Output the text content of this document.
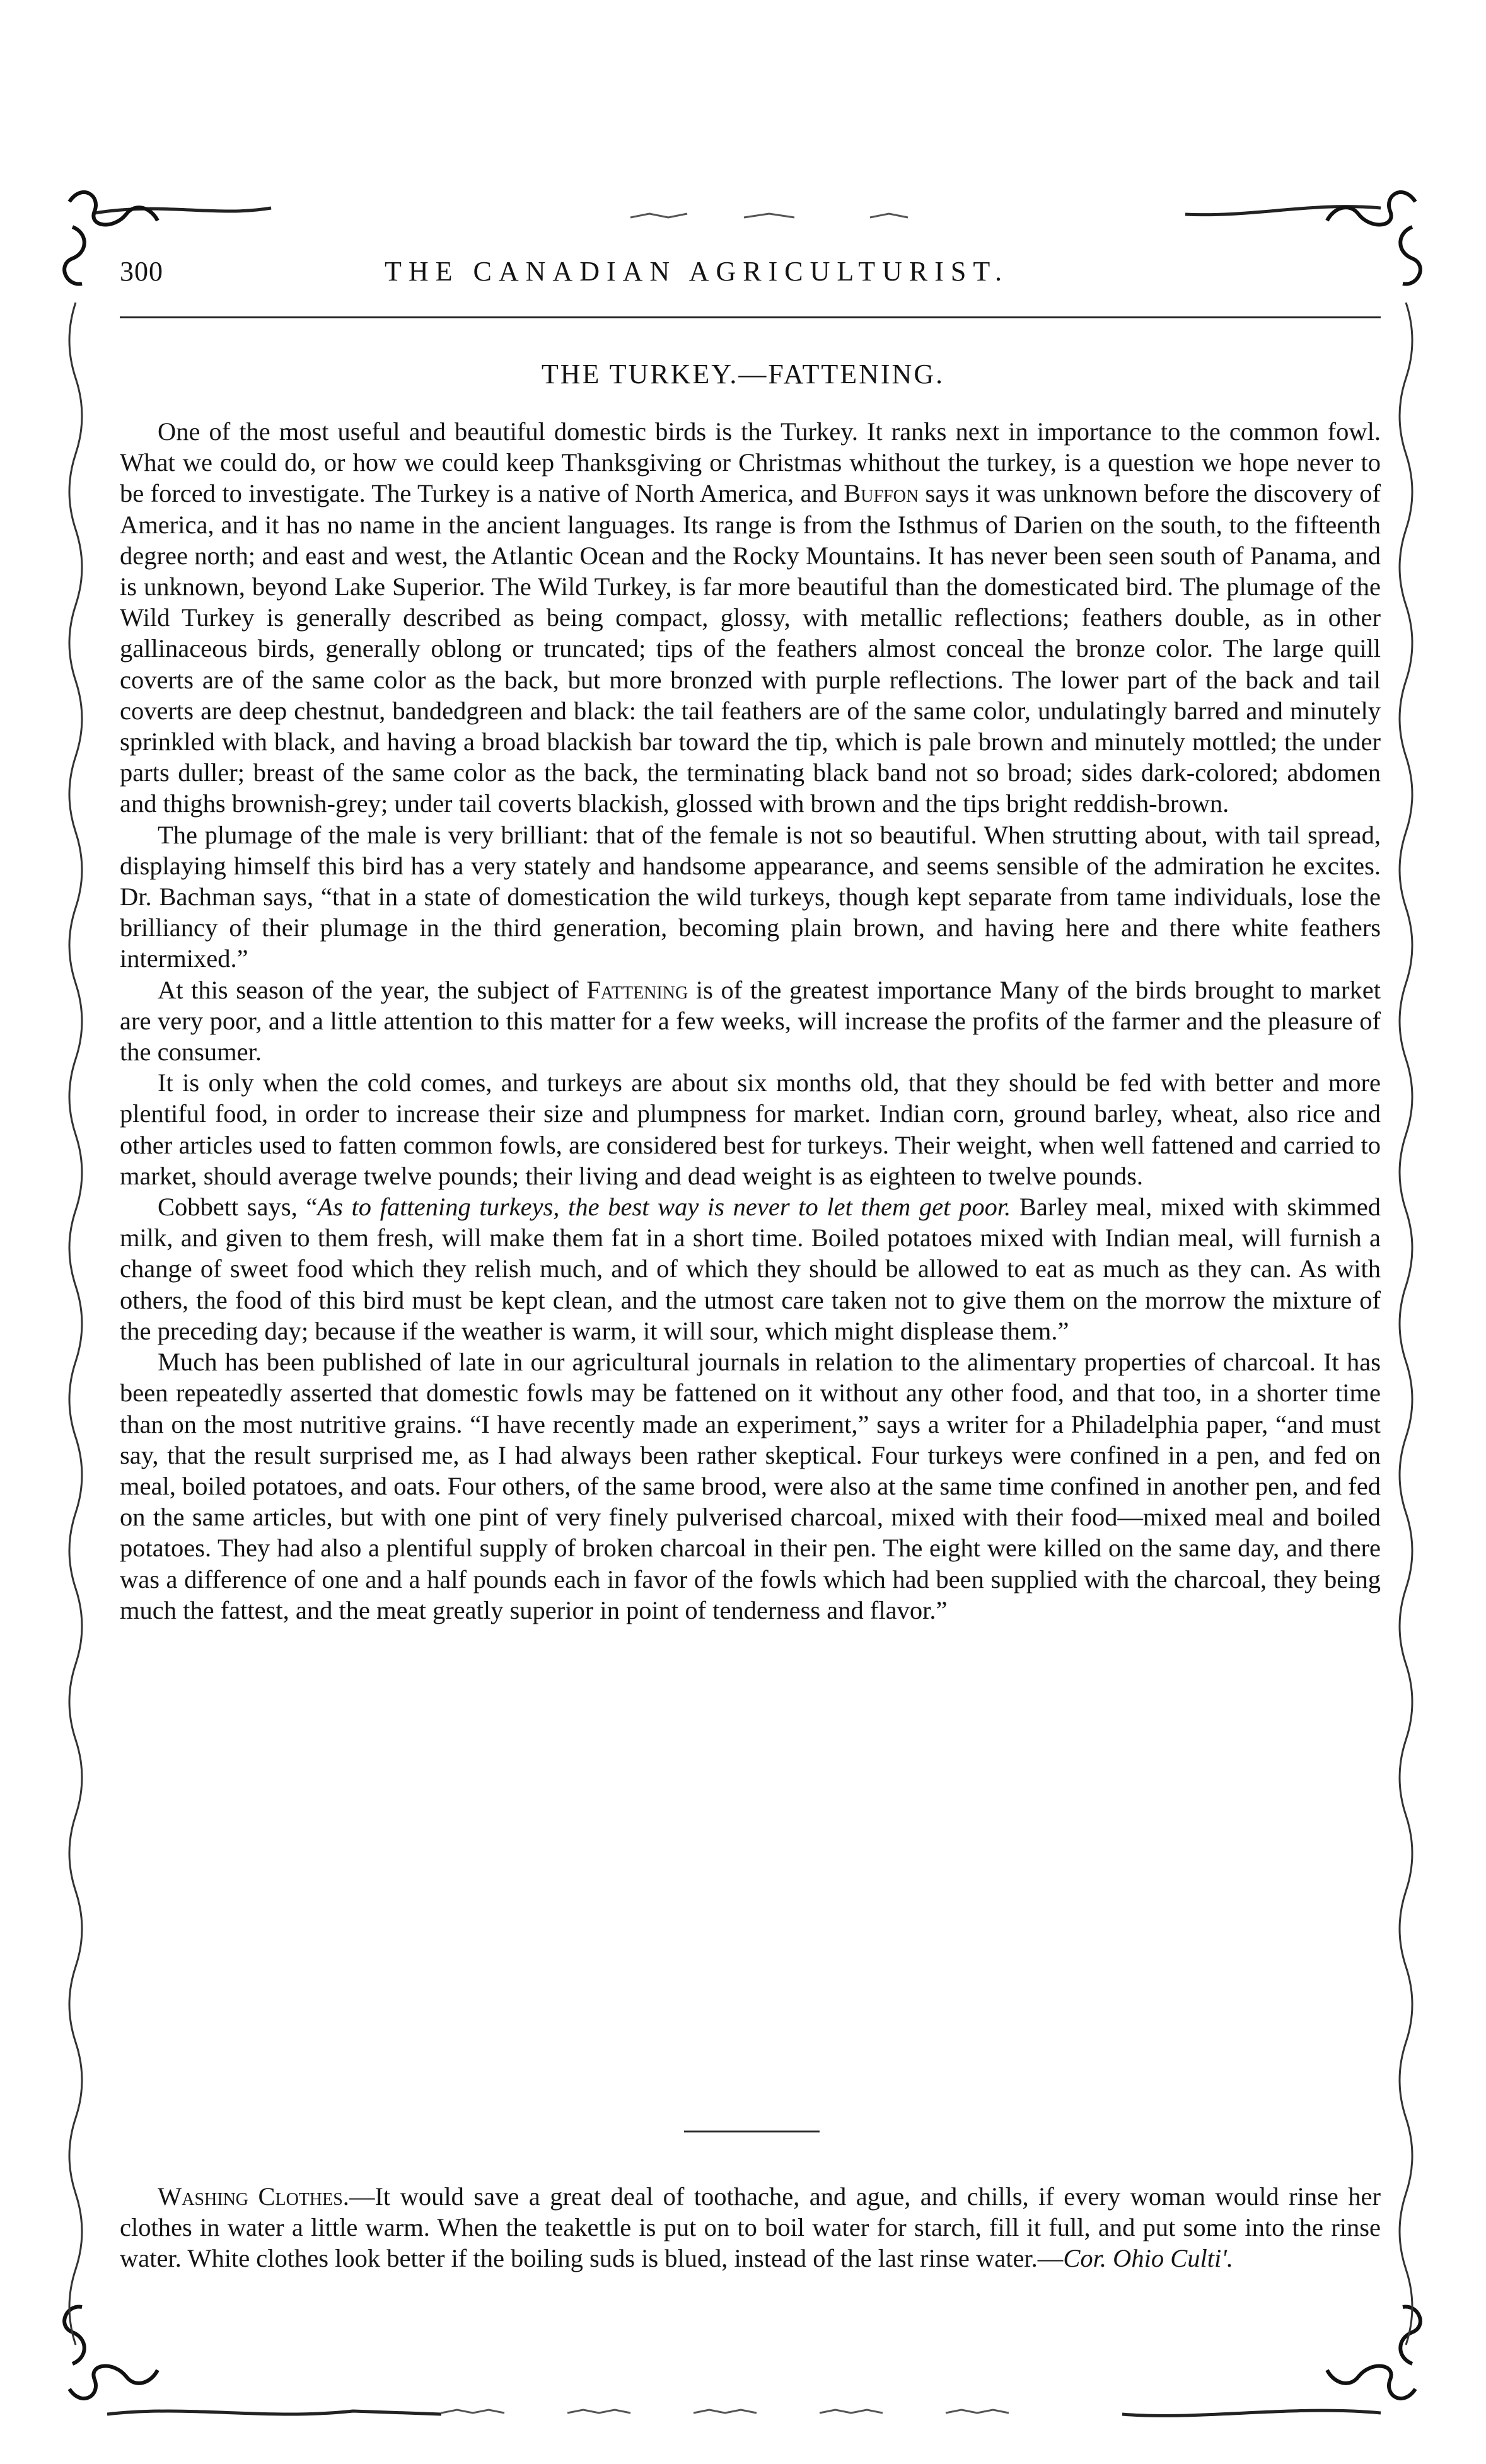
300	THE CANADIAN AGRICULTURIST.
THE TURKEY.—FATTENING.

One of the most useful and beautiful domestic birds is the Turkey. It ranks next in importance to the common fowl. What we could do, or how we could keep Thanksgiving or Christmas whithout the turkey, is a question we hope never to be forced to investigate. The Turkey is a native of North America, and Buffon says it was unknown before the discovery of America, and it has no name in the ancient languages. Its range is from the Isthmus of Darien on the south, to the fifteenth degree north; and east and west, the Atlantic Ocean and the Rocky Mountains. It has never been seen south of Panama, and is unknown, beyond Lake Superior. The Wild Turkey, is far more beautiful than the domesticated bird. The plumage of the Wild Turkey is generally described as being compact, glossy, with metallic reflections; feathers double, as in other gallinaceous birds, generally oblong or truncated; tips of the feathers almost conceal the bronze color. The large quill coverts are of the same color as the back, but more bronzed with purple reflections. The lower part of the back and tail coverts are deep chestnut, bandedgreen and black: the tail feathers are of the same color, undulatingly barred and minutely sprinkled with black, and having a broad blackish bar toward the tip, which is pale brown and minutely mottled; the under parts duller; breast of the same color as the back, the terminating black band not so broad; sides dark-colored; abdomen and thighs brownish-grey; under tail coverts blackish, glossed with brown and the tips bright reddish-brown.

The plumage of the male is very brilliant: that of the female is not so beautiful. When strutting about, with tail spread, displaying himself this bird has a very stately and handsome appearance, and seems sensible of the admiration he excites. Dr. Bachman says, “that in a state of domestication the wild turkeys, though kept separate from tame individuals, lose the brilliancy of their plumage in the third generation, becoming plain brown, and having here and there white feathers intermixed.”

At this season of the year, the subject of Fattening is of the greatest importance Many of the birds brought to market are very poor, and a little attention to this matter for a few weeks, will increase the profits of the farmer and the pleasure of the consumer.

It is only when the cold comes, and turkeys are about six months old, that they should be fed with better and more plentiful food, in order to increase their size and plumpness for market. Indian corn, ground barley, wheat, also rice and other articles used to fatten common fowls, are considered best for turkeys. Their weight, when well fattened and carried to market, should average twelve pounds; their living and dead weight is as eighteen to twelve pounds.

Cobbett says, “As to fattening turkeys, the best way is never to let them get poor. Barley meal, mixed with skimmed milk, and given to them fresh, will make them fat in a short time. Boiled potatoes mixed with Indian meal, will furnish a change of sweet food which they relish much, and of which they should be allowed to eat as much as they can. As with others, the food of this bird must be kept clean, and the utmost care taken not to give them on the morrow the mixture of the preceding day; because if the weather is warm, it will sour, which might displease them.”

Much has been published of late in our agricultural journals in relation to the alimentary properties of charcoal. It has been repeatedly asserted that domestic fowls may be fattened on it without any other food, and that too, in a shorter time than on the most nutritive grains. “I have recently made an experiment,” says a writer for a Philadelphia paper, “and must say, that the result surprised me, as I had always been rather skeptical. Four turkeys were confined in a pen, and fed on meal, boiled potatoes, and oats. Four others, of the same brood, were also at the same time confined in another pen, and fed on the same articles, but with one pint of very finely pulverised charcoal, mixed with their food—mixed meal and boiled potatoes. They had also a plentiful supply of broken charcoal in their pen. The eight were killed on the same day, and there was a difference of one and a half pounds each in favor of the fowls which had been supplied with the charcoal, they being much the fattest, and the meat greatly superior in point of tenderness and flavor.”

Washing Clothes.—It would save a great deal of toothache, and ague, and chills, if every woman would rinse her clothes in water a little warm. When the teakettle is put on to boil water for starch, fill it full, and put some into the rinse water. White clothes look better if the boiling suds is blued, instead of the last rinse water.—Cor. Ohio Culti'.
